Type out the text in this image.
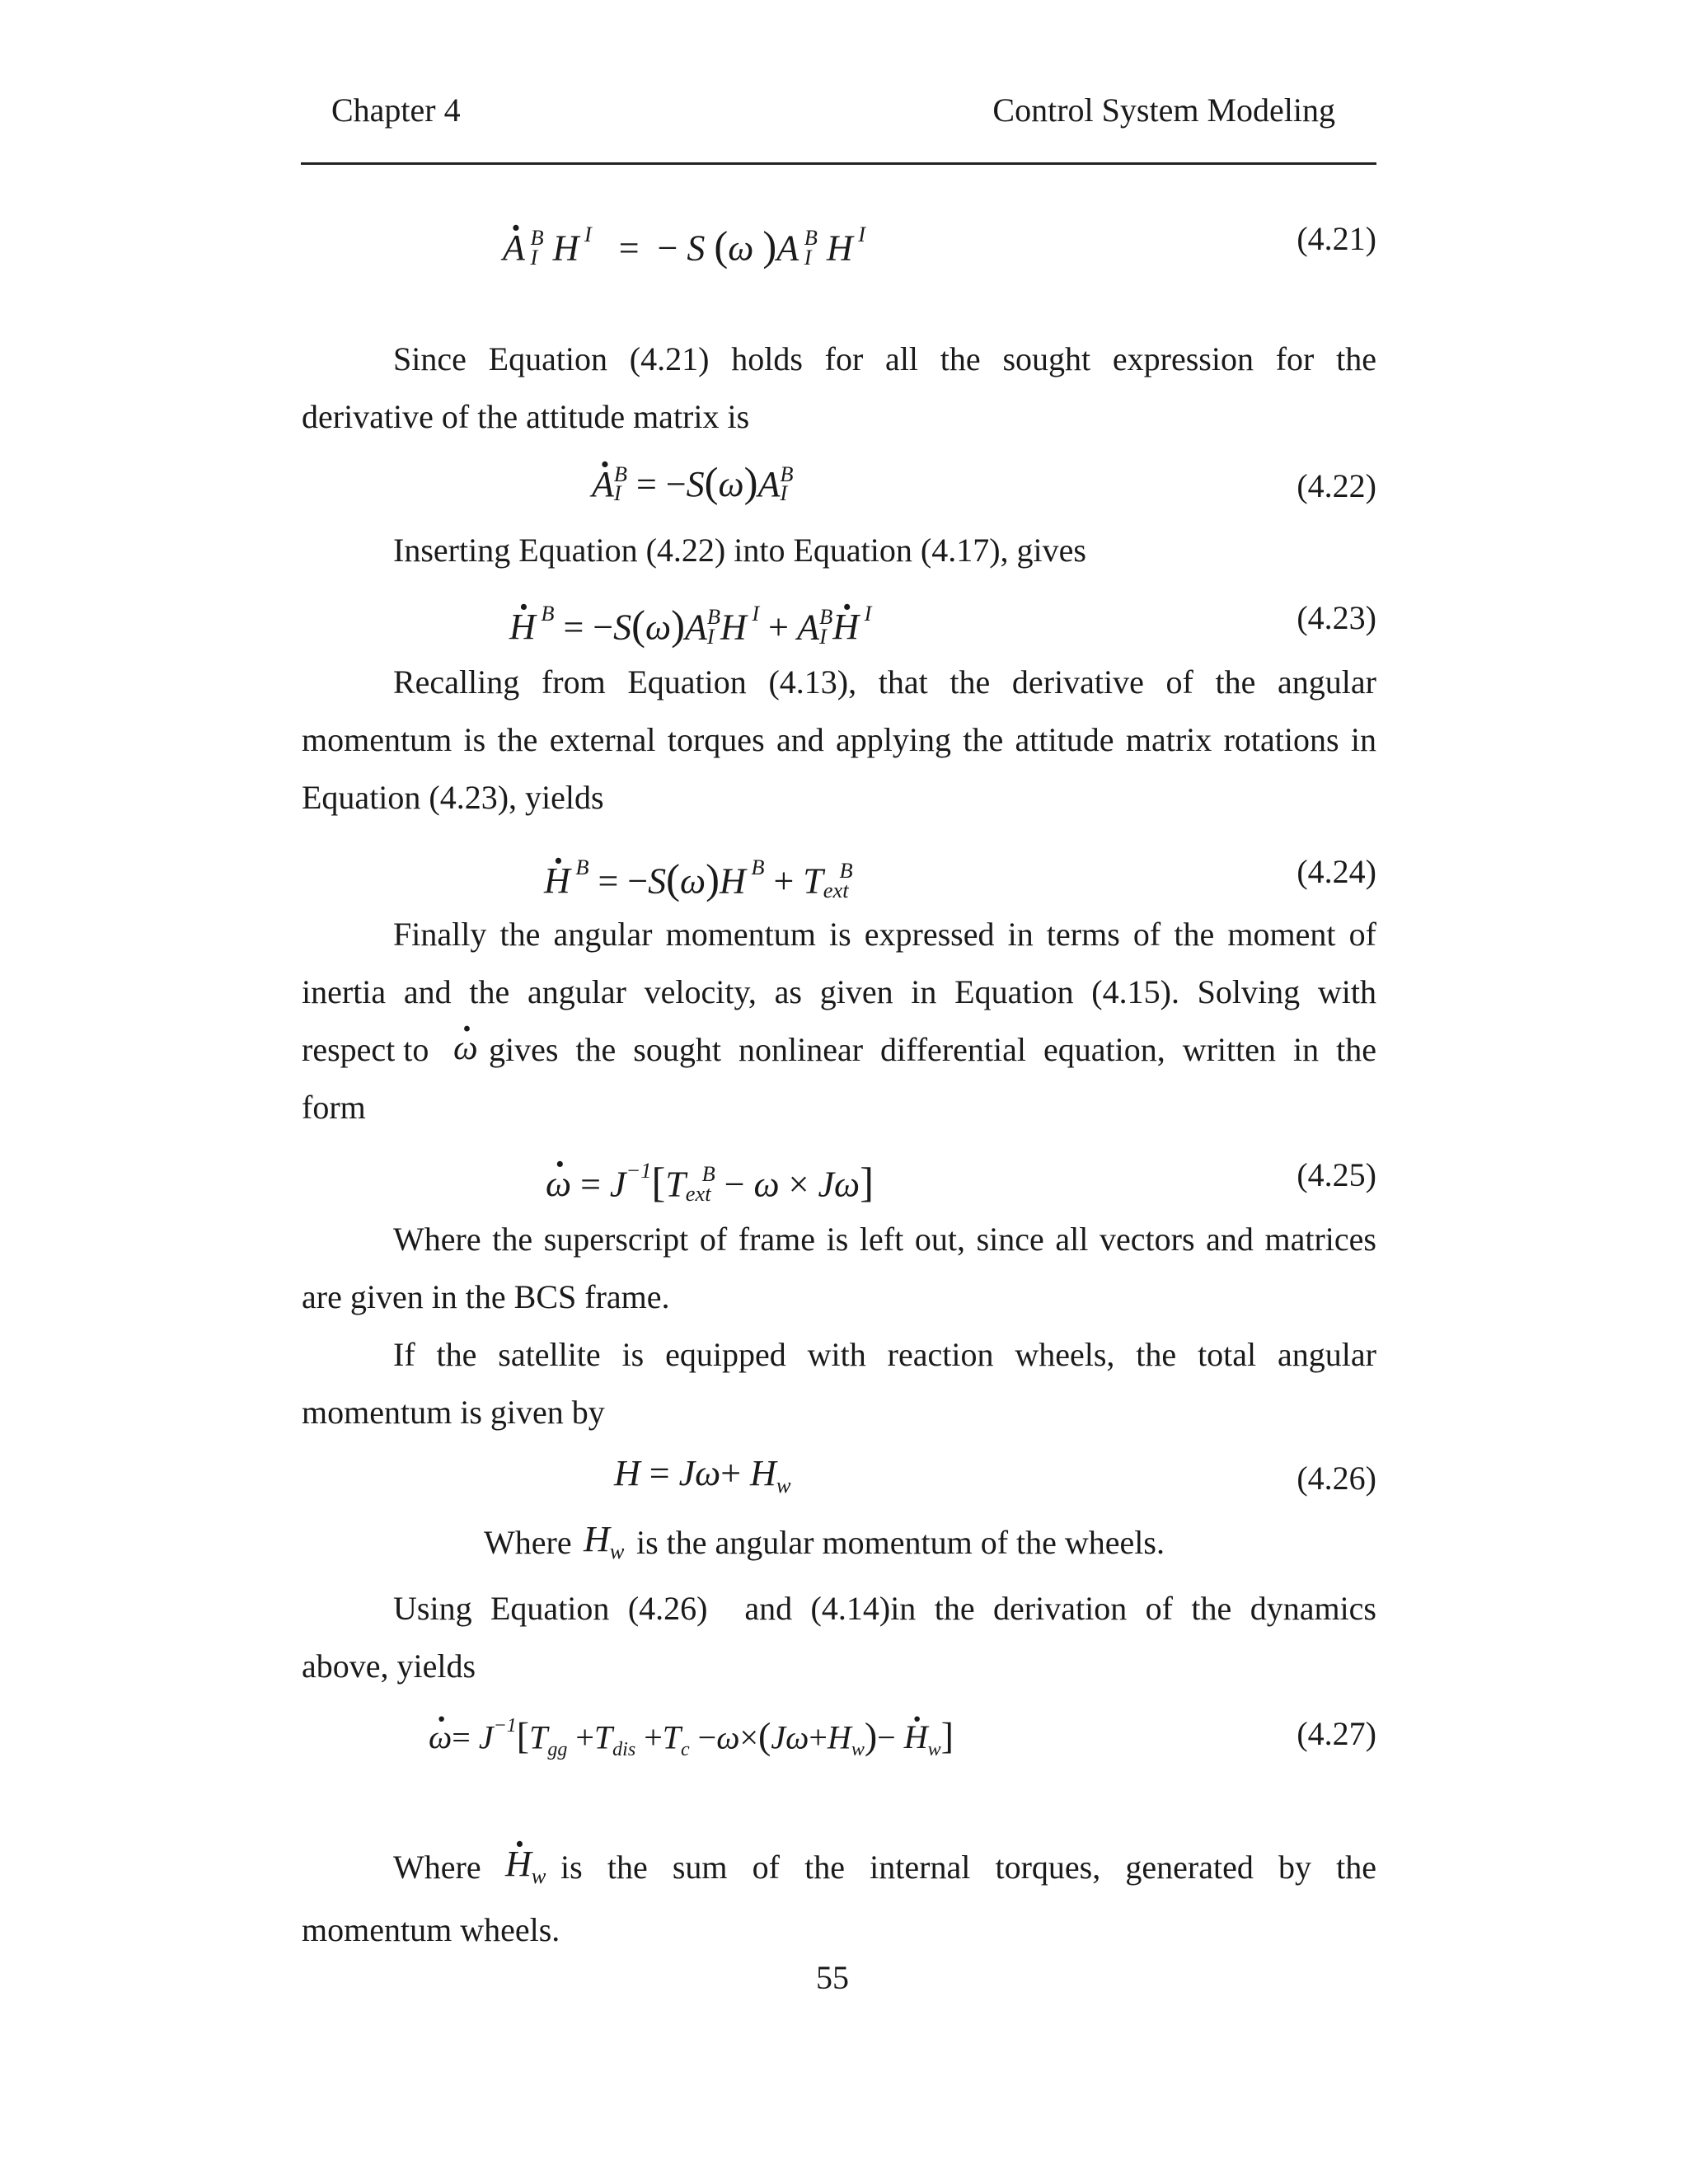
Chapter 4	Control System Modeling
A · B
I H $^I$   =  − S (ω )A B
I H $^I$	(4.21)
Since Equation (4.21) holds for all the sought expression for the
derivative of the attitude matrix is
A · B
I = −S(ω)A B
I	(4.22)
Inserting Equation (4.22) into Equation (4.17), gives
H · $^B$ = −S(ω)A B
I H $^I$ + A B
I H · $^I$	(4.23)
Recalling from Equation (4.13), that the derivative of the angular
momentum is the external torques and applying the attitude matrix rotations in
Equation (4.23), yields
H · $^B$ = −S(ω)H $^B$ + T B
ext	(4.24)
Finally the angular momentum is expressed in terms of the moment of
inertia and the angular velocity, as given in Equation (4.15). Solving with
respect to ω · gives the sought nonlinear differential equation, written in the
form
ω · = $J^{-1}[T$ B
ext − ω × Jω]	(4.25)
Where the superscript of frame is left out, since all vectors and matrices
are given in the BCS frame.
If the satellite is equipped with reaction wheels, the total angular
momentum is given by
$H = J\omega+ H_w$	(4.26)
Where $H_w$ is the angular momentum of the wheels.
Using Equation (4.26)  and (4.14)in the derivation of the dynamics
above, yields
$\omega \cdot= J^{-1}[T_{gg} +T_{dis} +T_c -\omega\times(J\omega+H_w)- H \cdot_w]$	(4.27)
Where $H \cdot_w$ is the sum of the internal torques, generated by the
momentum wheels.
55
